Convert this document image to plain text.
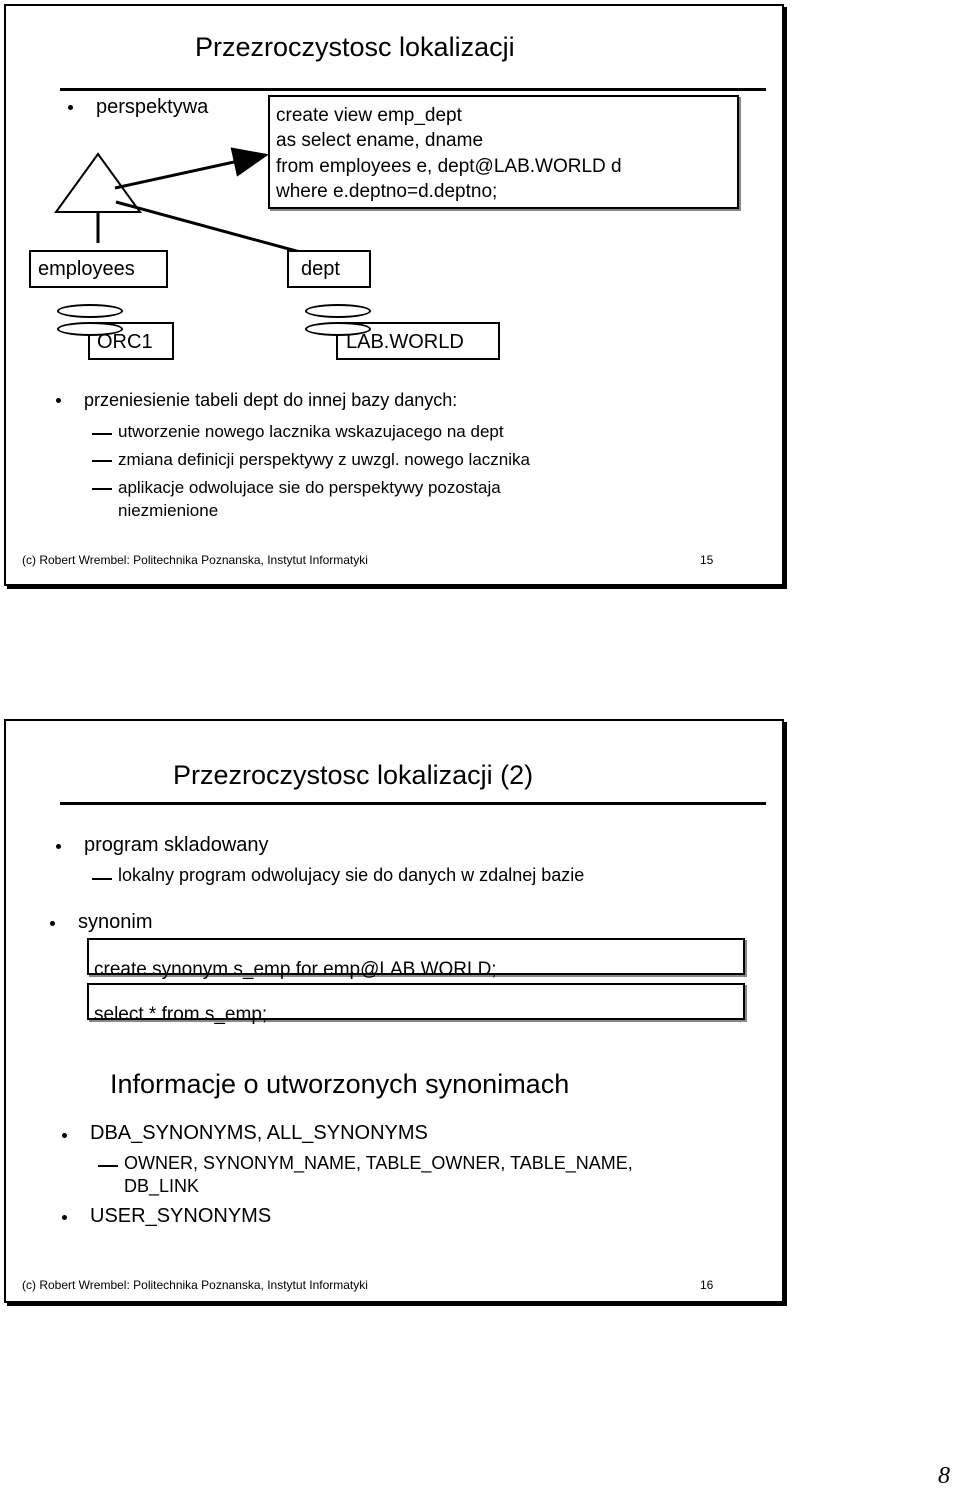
Przezroczystosc lokalizacji
perspektywa	create view emp_dept
as select ename, dname
from employees e, dept@LAB.WORLD d
where e.deptno=d.deptno;
employees	dept
ORC1	LAB.WORLD
przeniesienie tabeli dept do innej bazy danych:
utworzenie nowego lacznika wskazujacego na dept
zmiana definicji perspektywy z uwzgl. nowego lacznika
aplikacje odwolujace sie do perspektywy pozostaja
niezmienione
(c) Robert Wrembel: Politechnika Poznanska, Instytut Informatyki	15
Przezroczystosc lokalizacji (2)
program skladowany
lokalny program odwolujacy sie do danych w zdalnej bazie
synonim
create synonym s_emp for emp@LAB.WORLD;
select * from s_emp;
Informacje o utworzonych synonimach
DBA_SYNONYMS, ALL_SYNONYMS
OWNER, SYNONYM_NAME, TABLE_OWNER, TABLE_NAME,
DB_LINK
USER_SYNONYMS
(c) Robert Wrembel: Politechnika Poznanska, Instytut Informatyki	16
8
